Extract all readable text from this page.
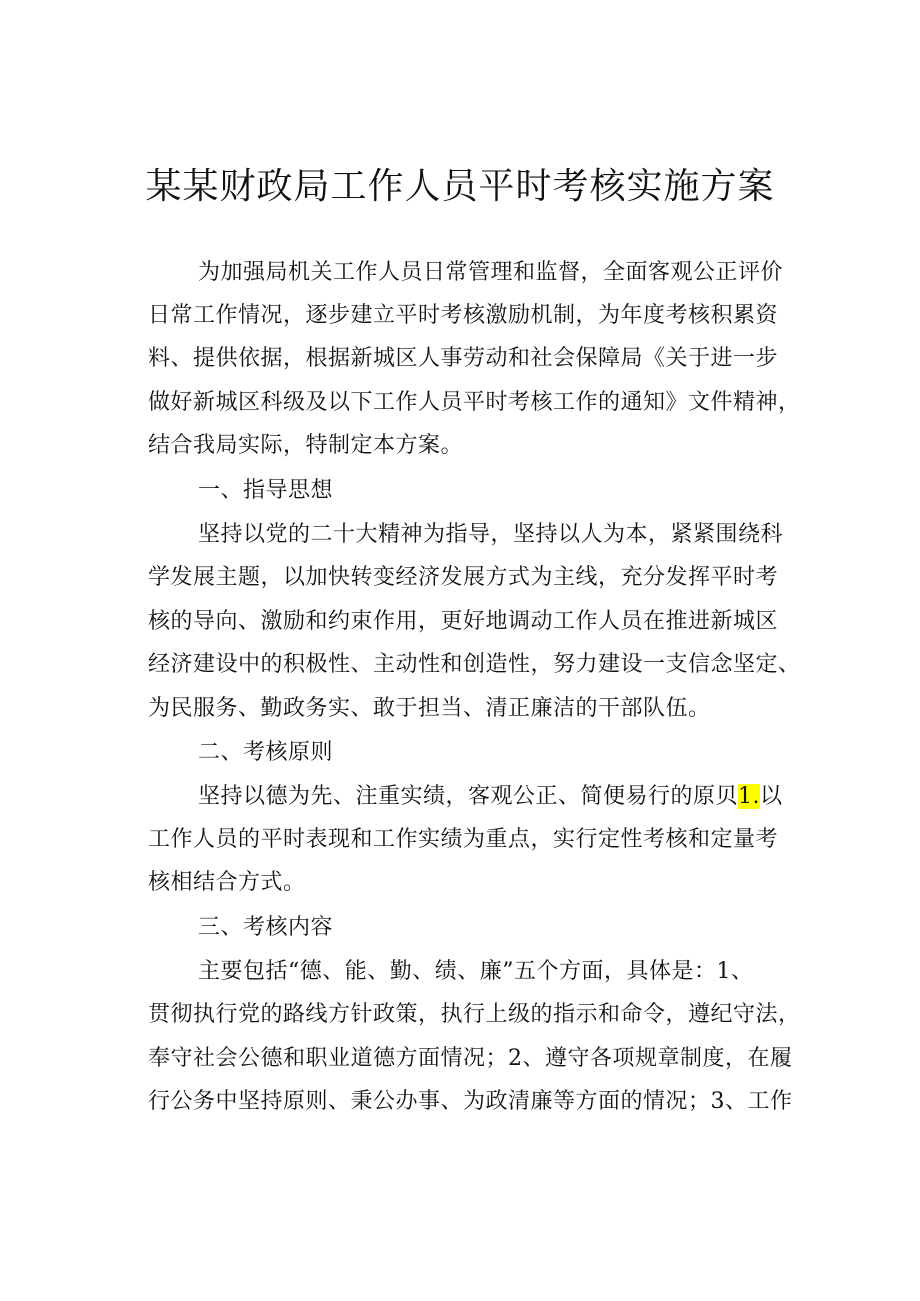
某某财政局工作人员平时考核实施方案
为加强局机关工作人员日常管理和监督，全面客观公正评价
日常工作情况，逐步建立平时考核激励机制，为年度考核积累资
料、提供依据，根据新城区人事劳动和社会保障局《关于进一步
做好新城区科级及以下工作人员平时考核工作的通知》文件精神，
结合我局实际，特制定本方案。
一、指导思想
坚持以党的二十大精神为指导，坚持以人为本，紧紧围绕科
学发展主题，以加快转变经济发展方式为主线，充分发挥平时考
核的导向、激励和约束作用，更好地调动工作人员在推进新城区
经济建设中的积极性、主动性和创造性，努力建设一支信念坚定、
为民服务、勤政务实、敢于担当、清正廉洁的干部队伍。
二、考核原则
坚持以德为先、注重实绩，客观公正、简便易行的原贝1.以
工作人员的平时表现和工作实绩为重点，实行定性考核和定量考
核相结合方式。
三、考核内容
主要包括“德、能、勤、绩、廉”五个方面，具体是：1、
贯彻执行党的路线方针政策，执行上级的指示和命令，遵纪守法，
奉守社会公德和职业道德方面情况；2、遵守各项规章制度，在履
行公务中坚持原则、秉公办事、为政清廉等方面的情况；3、工作
